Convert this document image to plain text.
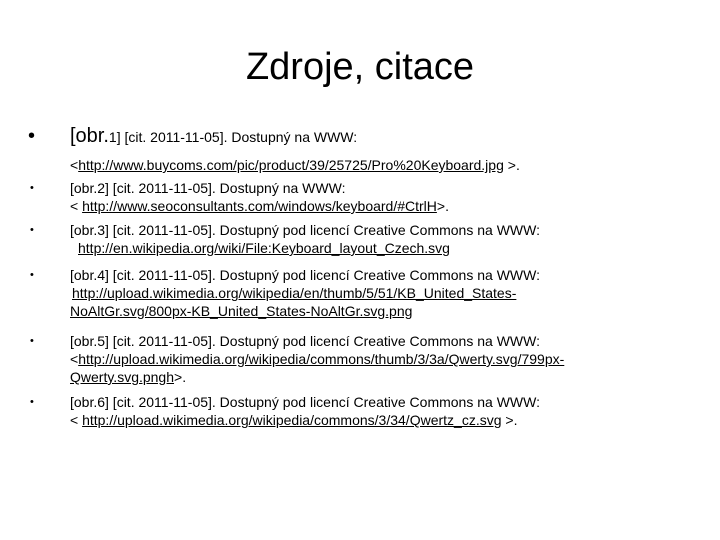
Zdroje, citace
• [obr.1] [cit. 2011-11-05]. Dostupný na WWW:
<http://www.buycoms.com/pic/product/39/25725/Pro%20Keyboard.jpg >.
•	[obr.2] [cit. 2011-11-05]. Dostupný na WWW:
< http://www.seoconsultants.com/windows/keyboard/#CtrlH>.
•	[obr.3] [cit. 2011-11-05]. Dostupný pod licencí Creative Commons na WWW:
http://en.wikipedia.org/wiki/File:Keyboard_layout_Czech.svg
•	[obr.4] [cit. 2011-11-05]. Dostupný pod licencí Creative Commons na WWW:
http://upload.wikimedia.org/wikipedia/en/thumb/5/51/KB_United_States-
NoAltGr.svg/800px-KB_United_States-NoAltGr.svg.png
•	[obr.5] [cit. 2011-11-05]. Dostupný pod licencí Creative Commons na WWW:
<http://upload.wikimedia.org/wikipedia/commons/thumb/3/3a/Qwerty.svg/799px-
Qwerty.svg.pngh>.
•	[obr.6] [cit. 2011-11-05]. Dostupný pod licencí Creative Commons na WWW:
< http://upload.wikimedia.org/wikipedia/commons/3/34/Qwertz_cz.svg >.
